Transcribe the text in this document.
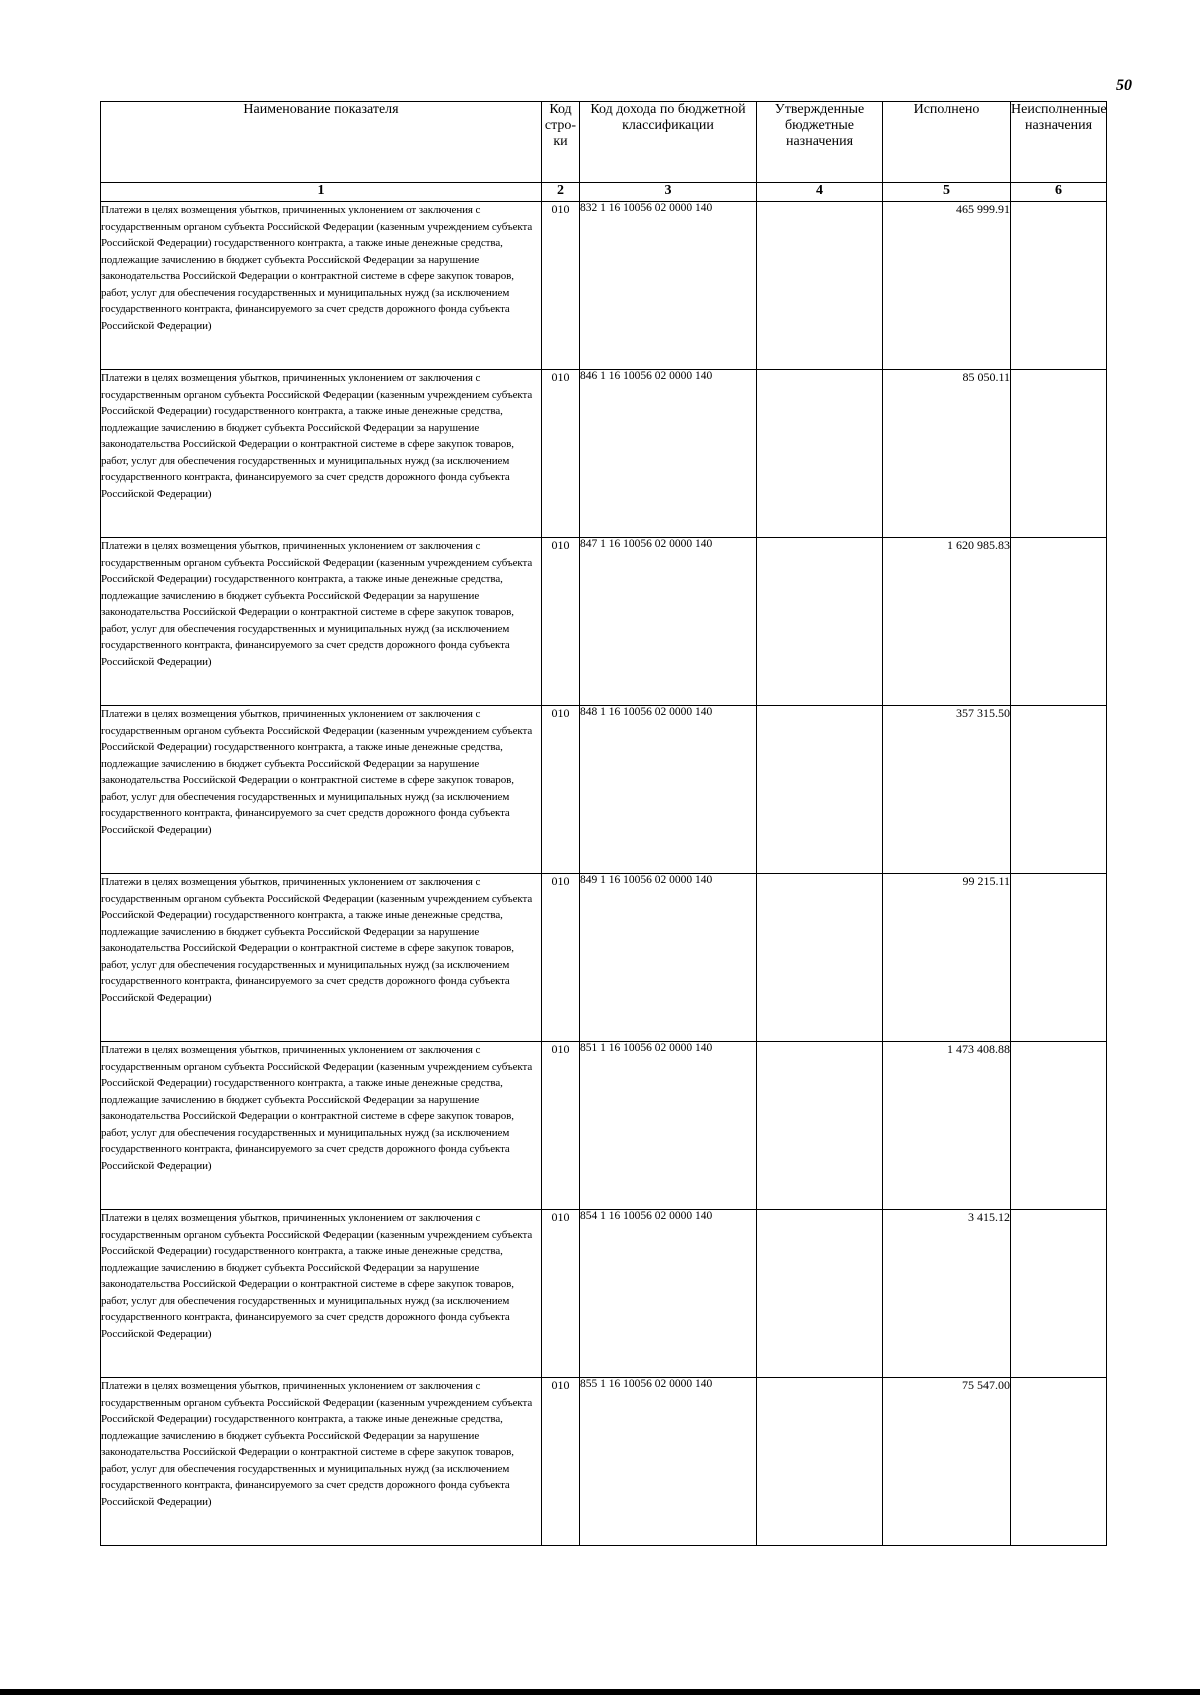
50
Наименование показателя	Код стро-ки	Код дохода по бюджетной классификации	Утвержденные бюджетные назначения	Исполнено	Неисполненные назначения
1	2	3	4	5	6
Платежи в целях возмещения убытков, причиненных уклонением от заключения с государственным органом субъекта Российской Федерации (казенным учреждением субъекта Российской Федерации) государственного контракта, а также иные денежные средства, подлежащие зачислению в бюджет субъекта Российской Федерации за нарушение законодательства Российской Федерации о контрактной системе в сфере закупок товаров, работ, услуг для обеспечения государственных и муниципальных нужд (за исключением государственного контракта, финансируемого за счет средств дорожного фонда субъекта Российской Федерации)	010	832 1 16 10056 02 0000 140		465 999.91	
Платежи в целях возмещения убытков, причиненных уклонением от заключения с государственным органом субъекта Российской Федерации (казенным учреждением субъекта Российской Федерации) государственного контракта, а также иные денежные средства, подлежащие зачислению в бюджет субъекта Российской Федерации за нарушение законодательства Российской Федерации о контрактной системе в сфере закупок товаров, работ, услуг для обеспечения государственных и муниципальных нужд (за исключением государственного контракта, финансируемого за счет средств дорожного фонда субъекта Российской Федерации)	010	846 1 16 10056 02 0000 140		85 050.11	
Платежи в целях возмещения убытков, причиненных уклонением от заключения с государственным органом субъекта Российской Федерации (казенным учреждением субъекта Российской Федерации) государственного контракта, а также иные денежные средства, подлежащие зачислению в бюджет субъекта Российской Федерации за нарушение законодательства Российской Федерации о контрактной системе в сфере закупок товаров, работ, услуг для обеспечения государственных и муниципальных нужд (за исключением государственного контракта, финансируемого за счет средств дорожного фонда субъекта Российской Федерации)	010	847 1 16 10056 02 0000 140		1 620 985.83	
Платежи в целях возмещения убытков, причиненных уклонением от заключения с государственным органом субъекта Российской Федерации (казенным учреждением субъекта Российской Федерации) государственного контракта, а также иные денежные средства, подлежащие зачислению в бюджет субъекта Российской Федерации за нарушение законодательства Российской Федерации о контрактной системе в сфере закупок товаров, работ, услуг для обеспечения государственных и муниципальных нужд (за исключением государственного контракта, финансируемого за счет средств дорожного фонда субъекта Российской Федерации)	010	848 1 16 10056 02 0000 140		357 315.50	
Платежи в целях возмещения убытков, причиненных уклонением от заключения с государственным органом субъекта Российской Федерации (казенным учреждением субъекта Российской Федерации) государственного контракта, а также иные денежные средства, подлежащие зачислению в бюджет субъекта Российской Федерации за нарушение законодательства Российской Федерации о контрактной системе в сфере закупок товаров, работ, услуг для обеспечения государственных и муниципальных нужд (за исключением государственного контракта, финансируемого за счет средств дорожного фонда субъекта Российской Федерации)	010	849 1 16 10056 02 0000 140		99 215.11	
Платежи в целях возмещения убытков, причиненных уклонением от заключения с государственным органом субъекта Российской Федерации (казенным учреждением субъекта Российской Федерации) государственного контракта, а также иные денежные средства, подлежащие зачислению в бюджет субъекта Российской Федерации за нарушение законодательства Российской Федерации о контрактной системе в сфере закупок товаров, работ, услуг для обеспечения государственных и муниципальных нужд (за исключением государственного контракта, финансируемого за счет средств дорожного фонда субъекта Российской Федерации)	010	851 1 16 10056 02 0000 140		1 473 408.88	
Платежи в целях возмещения убытков, причиненных уклонением от заключения с государственным органом субъекта Российской Федерации (казенным учреждением субъекта Российской Федерации) государственного контракта, а также иные денежные средства, подлежащие зачислению в бюджет субъекта Российской Федерации за нарушение законодательства Российской Федерации о контрактной системе в сфере закупок товаров, работ, услуг для обеспечения государственных и муниципальных нужд (за исключением государственного контракта, финансируемого за счет средств дорожного фонда субъекта Российской Федерации)	010	854 1 16 10056 02 0000 140		3 415.12	
Платежи в целях возмещения убытков, причиненных уклонением от заключения с государственным органом субъекта Российской Федерации (казенным учреждением субъекта Российской Федерации) государственного контракта, а также иные денежные средства, подлежащие зачислению в бюджет субъекта Российской Федерации за нарушение законодательства Российской Федерации о контрактной системе в сфере закупок товаров, работ, услуг для обеспечения государственных и муниципальных нужд (за исключением государственного контракта, финансируемого за счет средств дорожного фонда субъекта Российской Федерации)	010	855 1 16 10056 02 0000 140		75 547.00	
